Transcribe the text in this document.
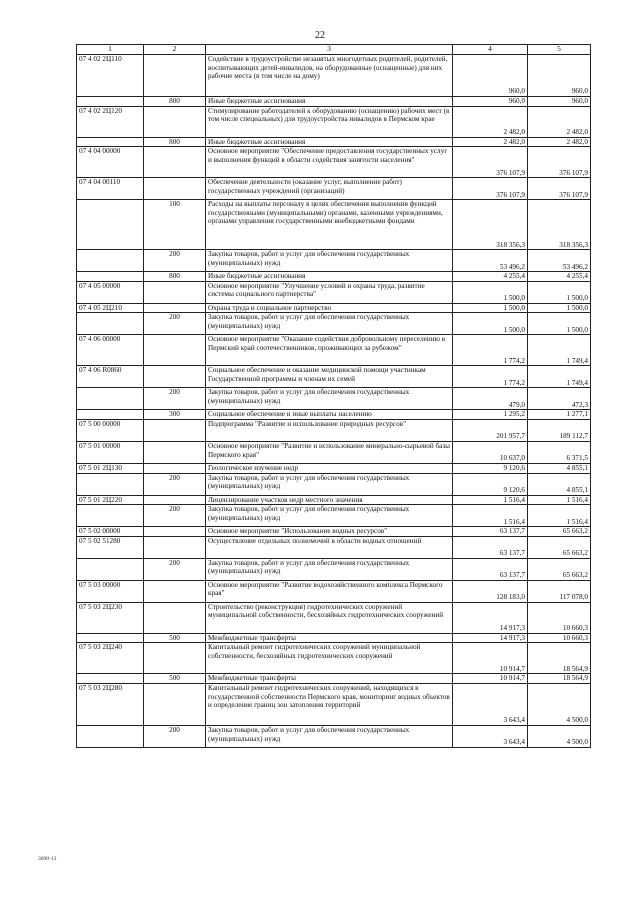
22
1	2	3	4	5
07 4 02 2Ц110		Содействие в трудоустройстве незанятых многодетных родителей, родителей, воспитывающих детей-инвалидов, на оборудованные (оснащенные) для них рабочие места (в том числе на дому)	960,0	960,0
	800	Иные бюджетные ассигнования	960,0	960,0
07 4 02 2Ц120		Стимулирование работодателей к оборудованию (оснащению) рабочих мест (в том числе специальных) для трудоустройства инвалидов в Пермском крае	2 482,0	2 482,0
	800	Иные бюджетные ассигнования	2 482,0	2 482,0
07 4 04 00000		Основное мероприятие "Обеспечение предоставления государственных услуг и выполнения функций в области содействия занятости населения"	376 107,9	376 107,9
07 4 04 00110		Обеспечение деятельности (оказание услуг, выполнение работ) государственных учреждений (организаций)	376 107,9	376 107,9
	100	Расходы на выплаты персоналу в целях обеспечения выполнения функций государственными (муниципальными) органами, казенными учреждениями, органами управления государственными внебюджетными фондами	318 356,3	318 356,3
	200	Закупка товаров, работ и услуг для обеспечения государственных (муниципальных) нужд	53 496,2	53 496,2
	800	Иные бюджетные ассигнования	4 255,4	4 255,4
07 4 05 00000		Основное мероприятие "Улучшение условий и охраны труда, развитие системы социального партнерства"	1 500,0	1 500,0
07 4 05 2Ц210		Охрана труда и социальное партнерство	1 500,0	1 500,0
	200	Закупка товаров, работ и услуг для обеспечения государственных (муниципальных) нужд	1 500,0	1 500,0
07 4 06 00000		Основное мероприятие "Оказание содействия добровольному переселению в Пермский край соотечественников, проживающих за рубежом"	1 774,2	1 749,4
07 4 06 R0860		Социальное обеспечение и оказание медицинской помощи участникам Государственной программы и членам их семей	1 774,2	1 749,4
	200	Закупка товаров, работ и услуг для обеспечения государственных (муниципальных) нужд	479,0	472,3
	300	Социальное обеспечение и иные выплаты населению	1 295,2	1 277,1
07 5 00 00000		Подпрограмма "Развитие и использование природных ресурсов"	201 957,7	189 112,7
07 5 01 00000		Основное мероприятие "Развитие и использование минерально-сырьевой базы Пермского края"	10 637,0	6 371,5
07 5 01 2Ц130		Геологическое изучение недр	9 120,6	4 855,1
	200	Закупка товаров, работ и услуг для обеспечения государственных (муниципальных) нужд	9 120,6	4 855,1
07 5 01 2Ц220		Лицензирование участков недр местного значения	1 516,4	1 516,4
	200	Закупка товаров, работ и услуг для обеспечения государственных (муниципальных) нужд	1 516,4	1 516,4
07 5 02 00000		Основное мероприятие "Использование водных ресурсов"	63 137,7	65 663,2
07 5 02 51280		Осуществление отдельных полномочий в области водных отношений	63 137,7	65 663,2
	200	Закупка товаров, работ и услуг для обеспечения государственных (муниципальных) нужд	63 137,7	65 663,2
07 5 03 00000		Основное мероприятие "Развитие водохозяйственного комплекса Пермского края"	128 183,0	117 078,0
07 5 03 2Ц230		Строительство (реконструкция) гидротехнических сооружений муниципальной собственности, бесхозяйных гидротехнических сооружений	14 917,3	10 660,3
	500	Межбюджетные трансферты	14 917,3	10 660,3
07 5 03 2Ц240		Капитальный ремонт гидротехнических сооружений муниципальной собственности, бесхозяйных гидротехнических сооружений	10 914,7	18 564,9
	500	Межбюджетные трансферты	10 914,7	18 564,9
07 5 03 2Ц280		Капитальный ремонт гидротехнических сооружений, находящихся в государственной собственности Пермского края, мониторинг водных объектов и определение границ зон затопления территорий	3 643,4	4 500,0
	200	Закупка товаров, работ и услуг для обеспечения государственных (муниципальных) нужд	3 643,4	4 500,0
3698-13
